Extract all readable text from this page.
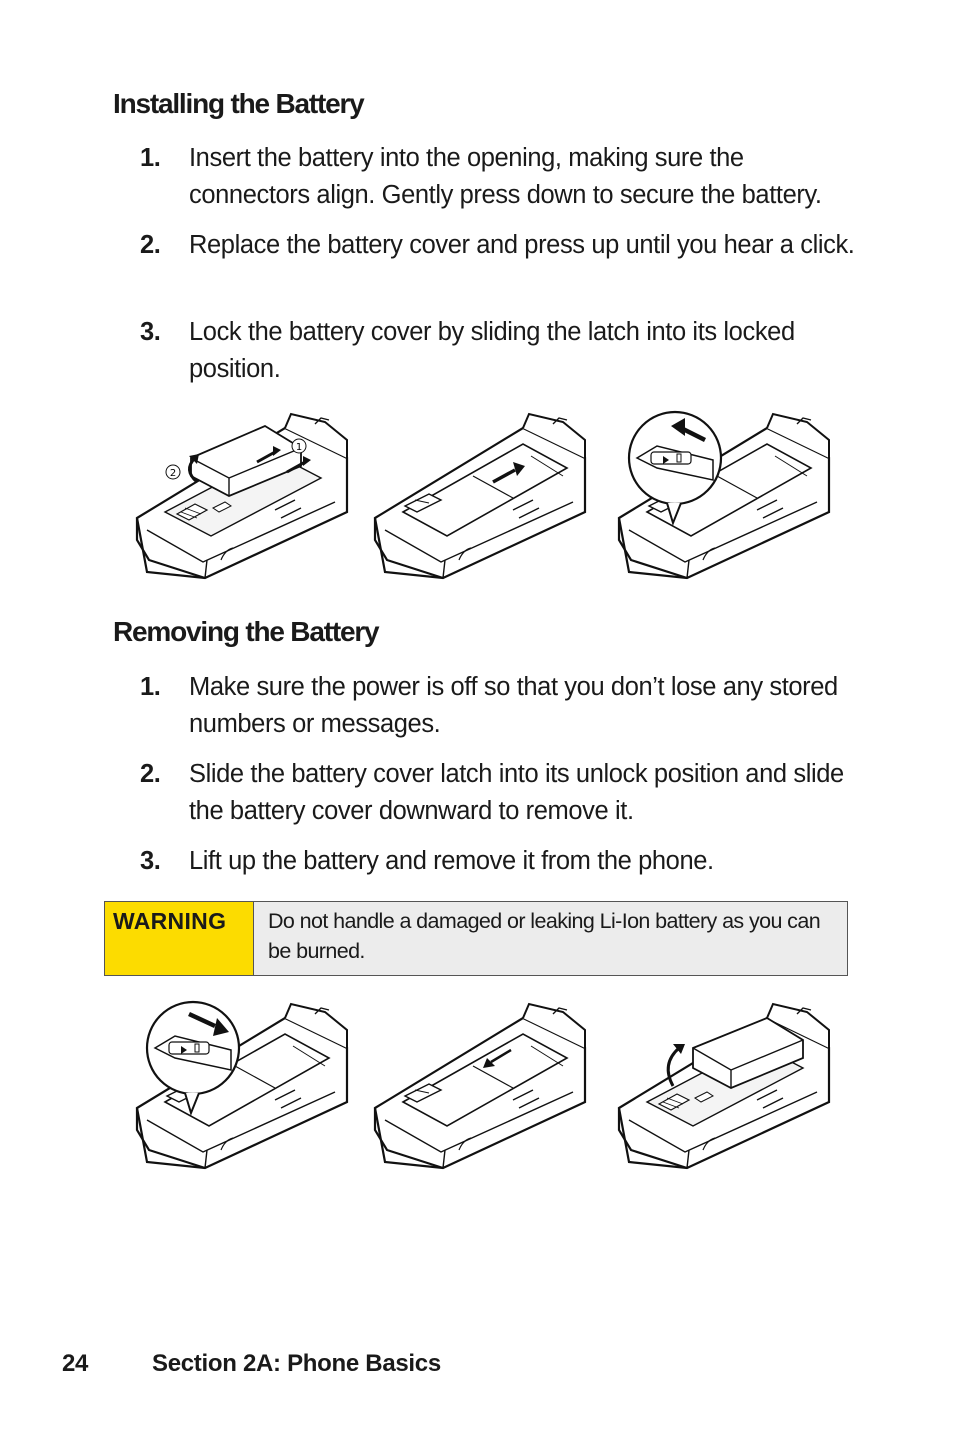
Installing the Battery
1. Insert the battery into the opening, making sure the connectors align. Gently press down to secure the battery.
2. Replace the battery cover and press up until you hear a click.
3. Lock the battery cover by sliding the latch into its locked position.
1
2
Removing the Battery
1. Make sure the power is off so that you don’t lose any stored numbers or messages.
2. Slide the battery cover latch into its unlock position and slide the battery cover downward to remove it.
3. Lift up the battery and remove it from the phone.
WARNING	Do not handle a damaged or leaking Li-Ion battery as you can be burned.
24	Section 2A: Phone Basics
